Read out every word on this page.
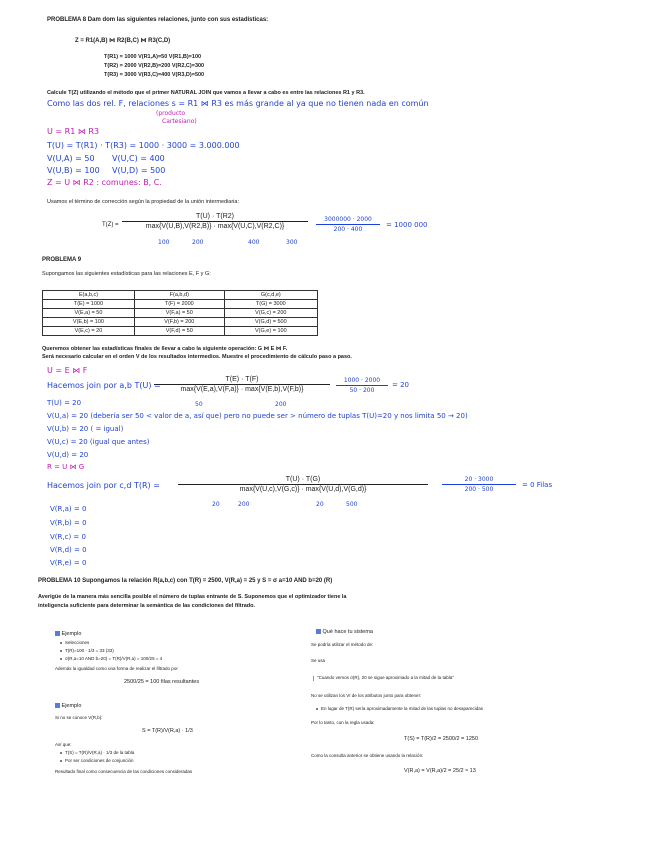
PROBLEMA 8 Dam dom las siguientes relaciones, junto con sus estadísticas:
Z = R1(A,B) ⋈ R2(B,C) ⋈ R3(C,D)
T(R1) = 1000 V(R1,A)=50 V(R1,B)=100
T(R2) = 2000 V(R2,B)=200 V(R2,C)=300
T(R3) = 3000 V(R3,C)=400 V(R3,D)=500
Calcule T(Z) utilizando el método que el primer NATURAL JOIN que vamos a llevar a cabo es entre las relaciones R1 y R3.
Como las dos rel. F, relaciones s = R1 ⋈ R3 es más grande al ya que no tienen nada en común
(producto
Cartesiano)
U = R1 ⋈ R3
T(U) = T(R1) · T(R3) = 1000 · 3000 = 3.000.000
V(U,A) = 50 V(U,C) = 400
V(U,B) = 100 V(U,D) = 500
Z = U ⋈ R2 : comunes: B, C.
Usamos el término de corrección según la propiedad de la unión intermediaria:
T(Z) =
T(U) · T(R2)
max{V(U,B),V(R2,B)} · max{V(U,C),V(R2,C)}
100	200	400	300
3000000 · 2000
200 · 400
= 1000 000
PROBLEMA 9
Supongamos las siguientes estadísticas para las relaciones E, F y G:
E(a,b,c)	F(a,b,d)	G(c,d,e)
T(E) = 1000	T(F) = 2000	T(G) = 3000
V(E,a) = 50	V(F,a) = 50	V(G,c) = 200
V(E,b) = 100	V(F,b) = 200	V(G,d) = 500
V(E,c) = 20	V(F,d) = 50	V(G,e) = 100
Queremos obtener las estadísticas finales de llevar a cabo la siguiente operación: G ⋈ E ⋈ F.
Será necesario calcular en el orden V de los resultados intermedios. Muestre el procedimiento de cálculo paso a paso.
U = E ⋈ F
Hacemos join por a,b T(U) =
T(E) · T(F)
max{V(E,a),V(F,a)} · max{V(E,b),V(F,b)}
50	200
1000 · 2000
50 · 200
= 20
T(U) = 20
V(U,a) = 20 (debería ser 50 < valor de a, así que) pero no puede ser > número de tuplas T(U)=20 y nos limita 50 → 20)
V(U,b) = 20 ( = igual)
V(U,c) = 20 (igual que antes)
V(U,d) = 20
R = U ⋈ G
Hacemos join por c,d T(R) =
T(U) · T(G)
max{V(U,c),V(G,c)} · max{V(U,d),V(G,d)}
20	200	20	500
20 · 3000
200 · 500
= 0 Filas
V(R,a) = 0
V(R,b) = 0
V(R,c) = 0
V(R,d) = 0
V(R,e) = 0
PROBLEMA 10 Supongamos la relación R(a,b,c) con T(R) = 2500, V(R,a) = 25 y S = σ a=10 AND b=20 (R)
Averigüe de la manera más sencilla posible el número de tuplas entrante de S. Suponemos que el optimizador tiene la
inteligencia suficiente para determinar la semántica de las condiciones del filtrado.
Ejemplo
Selecciones
T(R)=100 · 1/3 = 33 (33)
σ(R,a=10 AND b=20) = T(R)/V(R,a) = 100/25 = 4
Además la igualdad como una forma de realizar el filtrado por
2500/25 = 100 filas resultantes
Ejemplo
Si no se conoce V(R,b):
S = T(R)/V(R,a) · 1/3
Así que:
T(S) = T(R)/V(R,a) · 1/3 de la tabla
Por ser condiciones de conjunción
Resultado final como consecuencia de las condiciones consideradas
Qué hace tu sistema
Se podría utilizar el método de:
Se usa
"Cuando vemos σ(R), 20 se sigue aproximado a la mitad de la tabla"
No se utilizan los VI de los atributos junto para obtener:
En lugar de T(R) sería aproximadamente la mitad de las tuplas no desaparecidas
Por lo tanto, con la regla usada:
T(S) = T(R)/2 = 2500/2 = 1250
Como la consulta anterior se obtiene usando la relación:
V(R,a) = V(R,a)/2 = 25/2 ≈ 13
